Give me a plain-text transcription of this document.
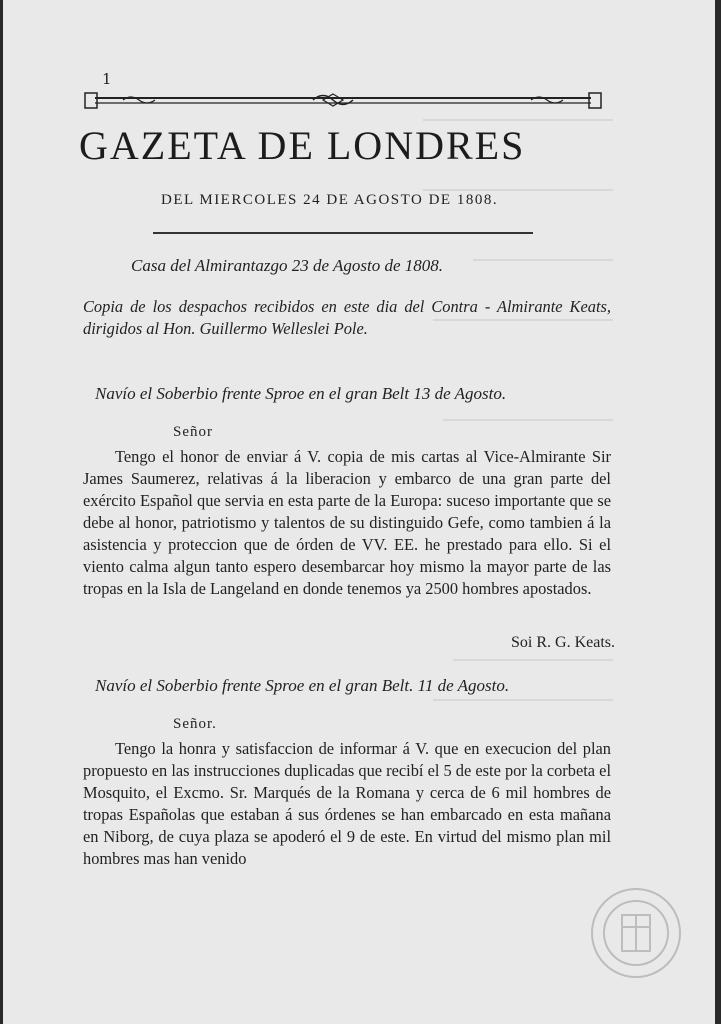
1
GAZETA DE LONDRES
DEL MIERCOLES 24 DE AGOSTO DE 1808.
Casa del Almirantazgo 23 de Agosto de 1808.
Copia de los despachos recibidos en este dia del Contra - Almirante Keats, dirigidos al Hon. Guillermo Welleslei Pole.
Navío el Soberbio frente Sproe en el gran Belt 13 de Agosto.
Señor
Tengo el honor de enviar á V. copia de mis cartas al Vice-Almirante Sir James Saumerez, relativas á la liberacion y embarco de una gran parte del exército Español que servia en esta parte de la Europa: suceso importante que se debe al honor, patriotismo y talentos de su distinguido Gefe, como tambien á la asistencia y proteccion que de órden de VV. EE. he prestado para ello. Si el viento calma algun tanto espero desembarcar hoy mismo la mayor parte de las tropas en la Isla de Langeland en donde tenemos ya 2500 hombres apostados.
Soi R. G. Keats.
Navío el Soberbio frente Sproe en el gran Belt. 11 de Agosto.
Señor.
Tengo la honra y satisfaccion de informar á V. que en execucion del plan propuesto en las instrucciones duplicadas que recibí el 5 de este por la corbeta el Mosquito, el Excmo. Sr. Marqués de la Romana y cerca de 6 mil hombres de tropas Españolas que estaban á sus órdenes se han embarcado en esta mañana en Niborg, de cuya plaza se apoderó el 9 de este. En virtud del mismo plan mil hombres mas han venido
